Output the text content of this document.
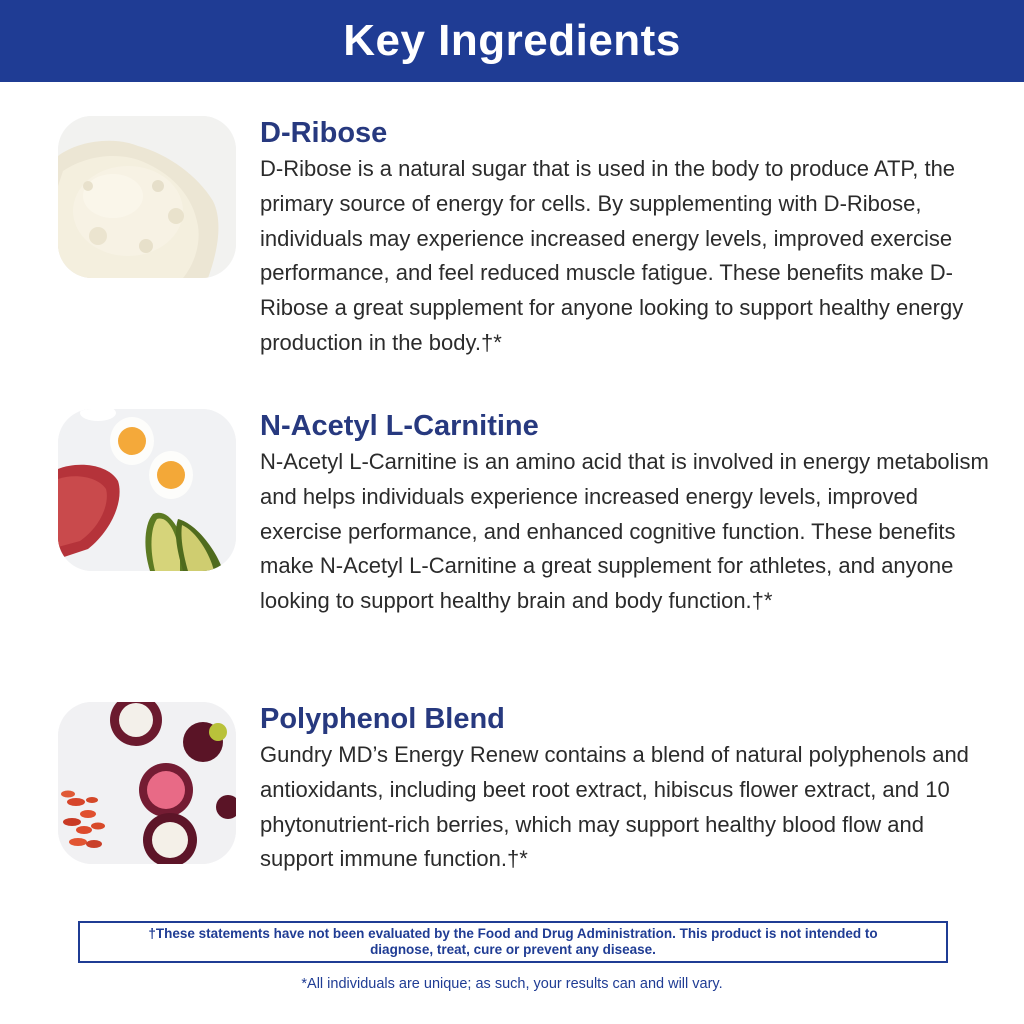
Key Ingredients
D-Ribose

D-Ribose is a natural sugar that is used in the body to produce ATP, the primary source of energy for cells. By supplementing with D-Ribose, individuals may experience increased energy levels, improved exercise performance, and feel reduced muscle fatigue. These benefits make D-Ribose a great supplement for anyone looking to support healthy energy production in the body.†*

N-Acetyl L-Carnitine

N-Acetyl L-Carnitine is an amino acid that is involved in energy metabolism and helps individuals experience increased energy levels, improved exercise performance, and enhanced cognitive function. These benefits make N-Acetyl L-Carnitine a great supplement for athletes, and anyone looking to support healthy brain and body function.†*

Polyphenol Blend

Gundry MD’s Energy Renew contains a blend of natural polyphenols and antioxidants, including beet root extract, hibiscus flower extract, and 10 phytonutrient-rich berries, which may support healthy blood flow and support immune function.†*

†These statements have not been evaluated by the Food and Drug Administration. This product is not intended to diagnose, treat, cure or prevent any disease.

*All individuals are unique; as such, your results can and will vary.
